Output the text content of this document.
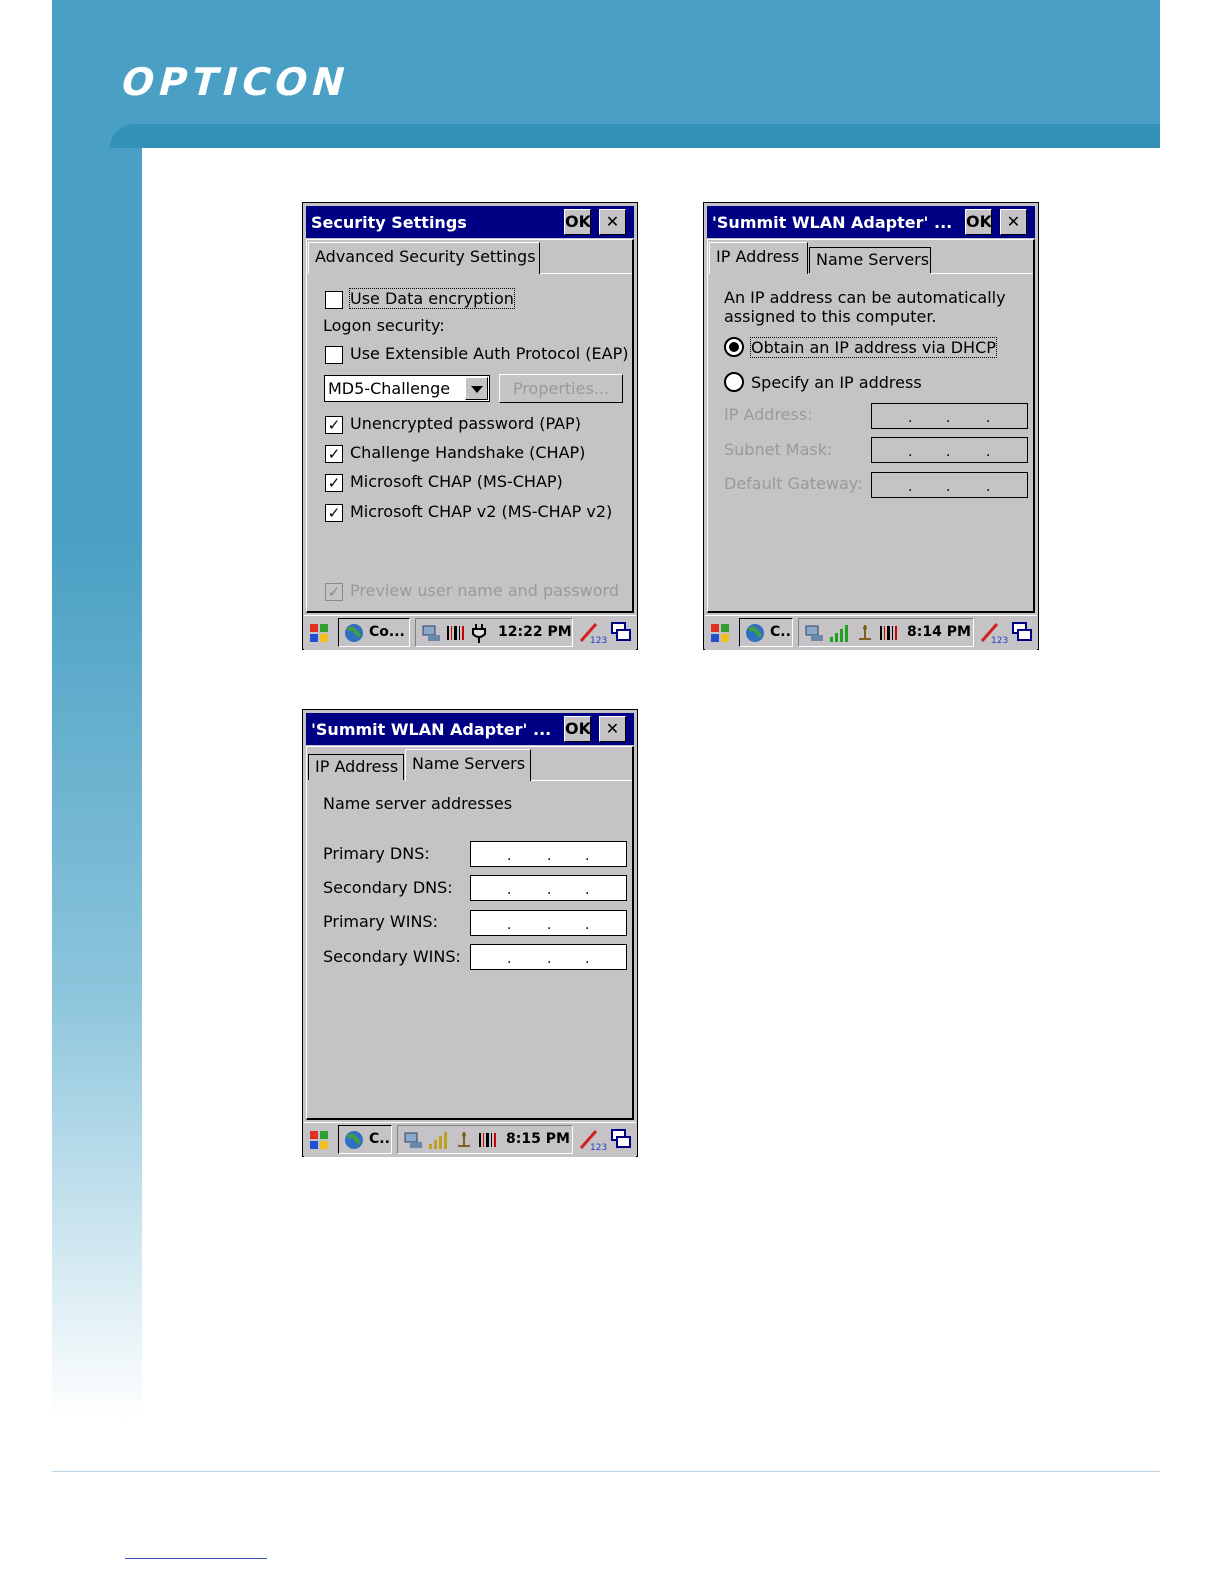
OPTICON
Security Settings	OK ✕
Advanced Security Settings
Use Data encryption
Logon security:
Use Extensible Auth Protocol (EAP)
MD5-Challenge	Properties...
✓ Unencrypted password (PAP)
✓ Challenge Handshake (CHAP)
✓ Microsoft CHAP (MS-CHAP)
✓ Microsoft CHAP v2 (MS-CHAP v2)
✓ Preview user name and password
Co...	12:22 PM
123
'Summit WLAN Adapter' ... OK ✕
IP Address	Name Servers
An IP address can be automatically
assigned to this computer.
Obtain an IP address via DHCP
Specify an IP address
IP Address:	. .	.
Subnet Mask:	. .	.
Default Gateway:	. .	.
C..	8:14 PM
123
'Summit WLAN Adapter' ... OK ✕
IP Address Name Servers
Name server addresses
Primary DNS:	.	. .
Secondary DNS:	.	. .
Primary WINS:	.	. .
Secondary WINS:	.	. .
C..	8:15 PM
123
